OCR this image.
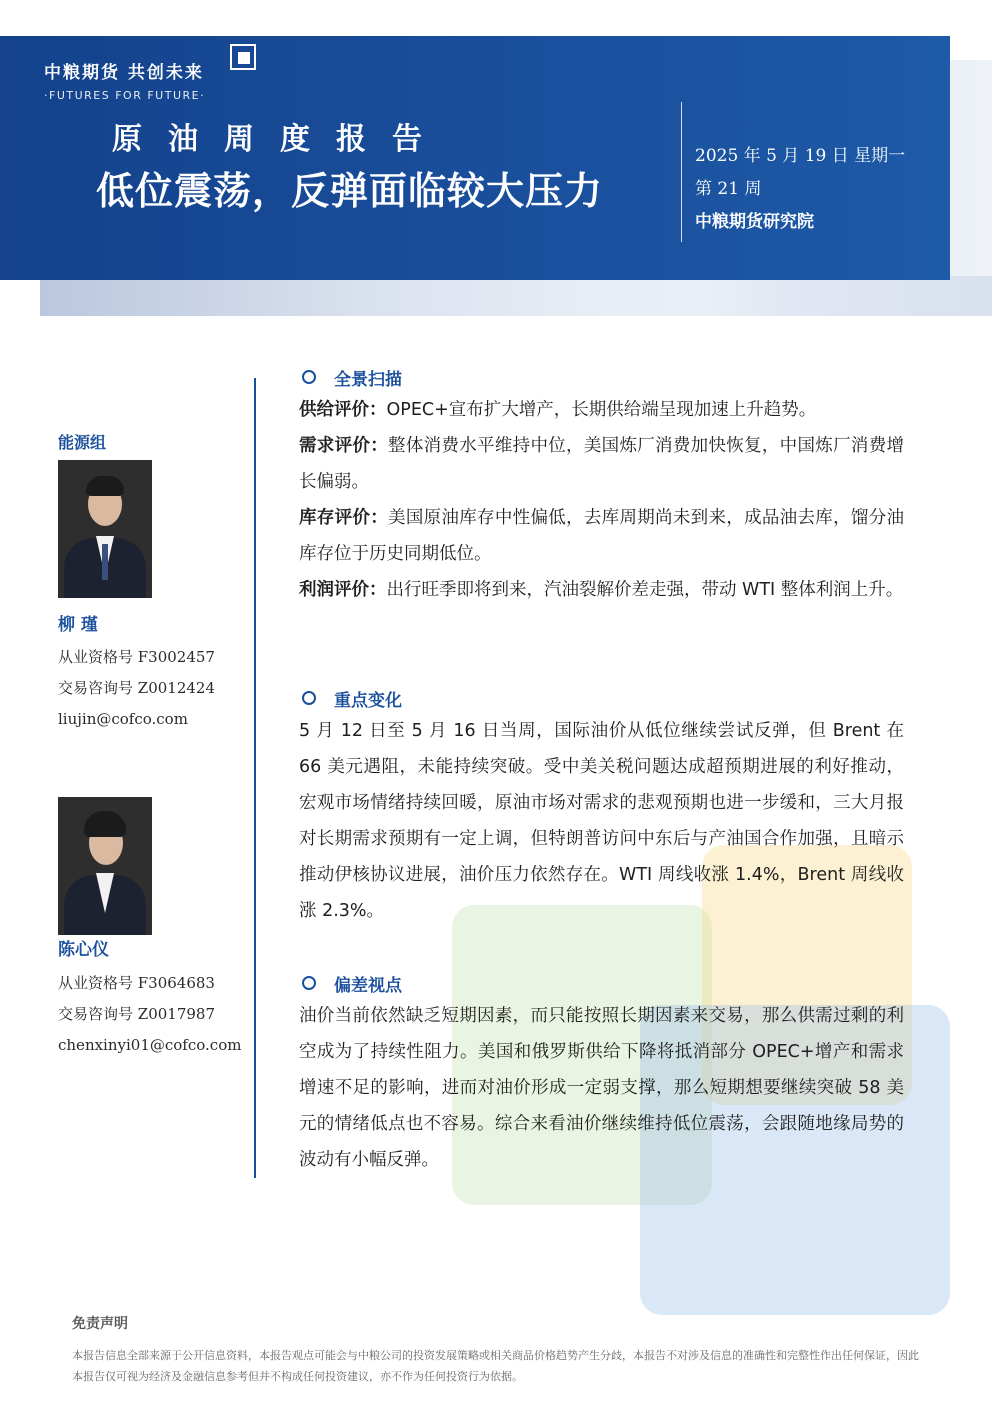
中粮期货 共创未来
·FUTURES FOR FUTURE·
原油周度报告
低位震荡，反弹面临较大压力
2025 年 5 月 19 日 星期一
第 21 周
中粮期货研究院
能源组
柳 瑾
从业资格号 F3002457
交易咨询号 Z0012424
liujin@cofco.com
陈心仪
从业资格号 F3064683
交易咨询号 Z0017987
chenxinyi01@cofco.com
全景扫描
供给评价：OPEC+宣布扩大增产，长期供给端呈现加速上升趋势。
需求评价：整体消费水平维持中位，美国炼厂消费加快恢复，中国炼厂消费增长偏弱。
库存评价：美国原油库存中性偏低，去库周期尚未到来，成品油去库，馏分油库存位于历史同期低位。
利润评价：出行旺季即将到来，汽油裂解价差走强，带动 WTI 整体利润上升。
重点变化
5 月 12 日至 5 月 16 日当周，国际油价从低位继续尝试反弹，但 Brent 在 66 美元遇阻，未能持续突破。受中美关税问题达成超预期进展的利好推动，宏观市场情绪持续回暖，原油市场对需求的悲观预期也进一步缓和，三大月报对长期需求预期有一定上调，但特朗普访问中东后与产油国合作加强，且暗示推动伊核协议进展，油价压力依然存在。WTI 周线收涨 1.4%，Brent 周线收涨 2.3%。
偏差视点
油价当前依然缺乏短期因素，而只能按照长期因素来交易，那么供需过剩的利空成为了持续性阻力。美国和俄罗斯供给下降将抵消部分 OPEC+增产和需求增速不足的影响，进而对油价形成一定弱支撑，那么短期想要继续突破 58 美元的情绪低点也不容易。综合来看油价继续维持低位震荡，会跟随地缘局势的波动有小幅反弹。
免责声明
本报告信息全部来源于公开信息资料，本报告观点可能会与中粮公司的投资发展策略或相关商品价格趋势产生分歧，本报告不对涉及信息的准确性和完整性作出任何保证，因此本报告仅可视为经济及金融信息参考但并不构成任何投资建议，亦不作为任何投资行为依据。
